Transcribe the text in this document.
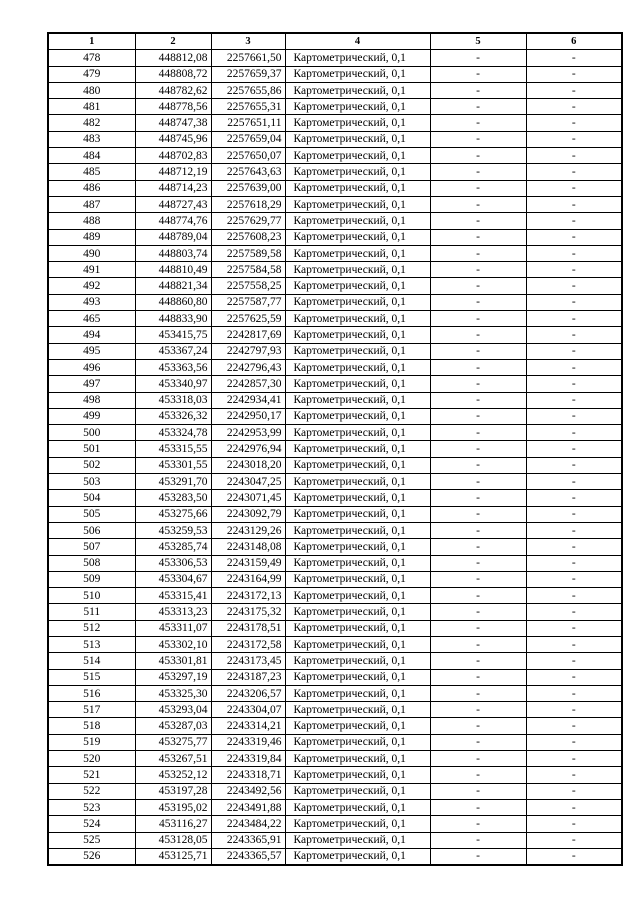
1	2	3	4	5	6
478	448812,08	2257661,50	Картометрический, 0,1	-	-
479	448808,72	2257659,37	Картометрический, 0,1	-	-
480	448782,62	2257655,86	Картометрический, 0,1	-	-
481	448778,56	2257655,31	Картометрический, 0,1	-	-
482	448747,38	2257651,11	Картометрический, 0,1	-	-
483	448745,96	2257659,04	Картометрический, 0,1	-	-
484	448702,83	2257650,07	Картометрический, 0,1	-	-
485	448712,19	2257643,63	Картометрический, 0,1	-	-
486	448714,23	2257639,00	Картометрический, 0,1	-	-
487	448727,43	2257618,29	Картометрический, 0,1	-	-
488	448774,76	2257629,77	Картометрический, 0,1	-	-
489	448789,04	2257608,23	Картометрический, 0,1	-	-
490	448803,74	2257589,58	Картометрический, 0,1	-	-
491	448810,49	2257584,58	Картометрический, 0,1	-	-
492	448821,34	2257558,25	Картометрический, 0,1	-	-
493	448860,80	2257587,77	Картометрический, 0,1	-	-
465	448833,90	2257625,59	Картометрический, 0,1	-	-
494	453415,75	2242817,69	Картометрический, 0,1	-	-
495	453367,24	2242797,93	Картометрический, 0,1	-	-
496	453363,56	2242796,43	Картометрический, 0,1	-	-
497	453340,97	2242857,30	Картометрический, 0,1	-	-
498	453318,03	2242934,41	Картометрический, 0,1	-	-
499	453326,32	2242950,17	Картометрический, 0,1	-	-
500	453324,78	2242953,99	Картометрический, 0,1	-	-
501	453315,55	2242976,94	Картометрический, 0,1	-	-
502	453301,55	2243018,20	Картометрический, 0,1	-	-
503	453291,70	2243047,25	Картометрический, 0,1	-	-
504	453283,50	2243071,45	Картометрический, 0,1	-	-
505	453275,66	2243092,79	Картометрический, 0,1	-	-
506	453259,53	2243129,26	Картометрический, 0,1	-	-
507	453285,74	2243148,08	Картометрический, 0,1	-	-
508	453306,53	2243159,49	Картометрический, 0,1	-	-
509	453304,67	2243164,99	Картометрический, 0,1	-	-
510	453315,41	2243172,13	Картометрический, 0,1	-	-
511	453313,23	2243175,32	Картометрический, 0,1	-	-
512	453311,07	2243178,51	Картометрический, 0,1	-	-
513	453302,10	2243172,58	Картометрический, 0,1	-	-
514	453301,81	2243173,45	Картометрический, 0,1	-	-
515	453297,19	2243187,23	Картометрический, 0,1	-	-
516	453325,30	2243206,57	Картометрический, 0,1	-	-
517	453293,04	2243304,07	Картометрический, 0,1	-	-
518	453287,03	2243314,21	Картометрический, 0,1	-	-
519	453275,77	2243319,46	Картометрический, 0,1	-	-
520	453267,51	2243319,84	Картометрический, 0,1	-	-
521	453252,12	2243318,71	Картометрический, 0,1	-	-
522	453197,28	2243492,56	Картометрический, 0,1	-	-
523	453195,02	2243491,88	Картометрический, 0,1	-	-
524	453116,27	2243484,22	Картометрический, 0,1	-	-
525	453128,05	2243365,91	Картометрический, 0,1	-	-
526	453125,71	2243365,57	Картометрический, 0,1	-	-
